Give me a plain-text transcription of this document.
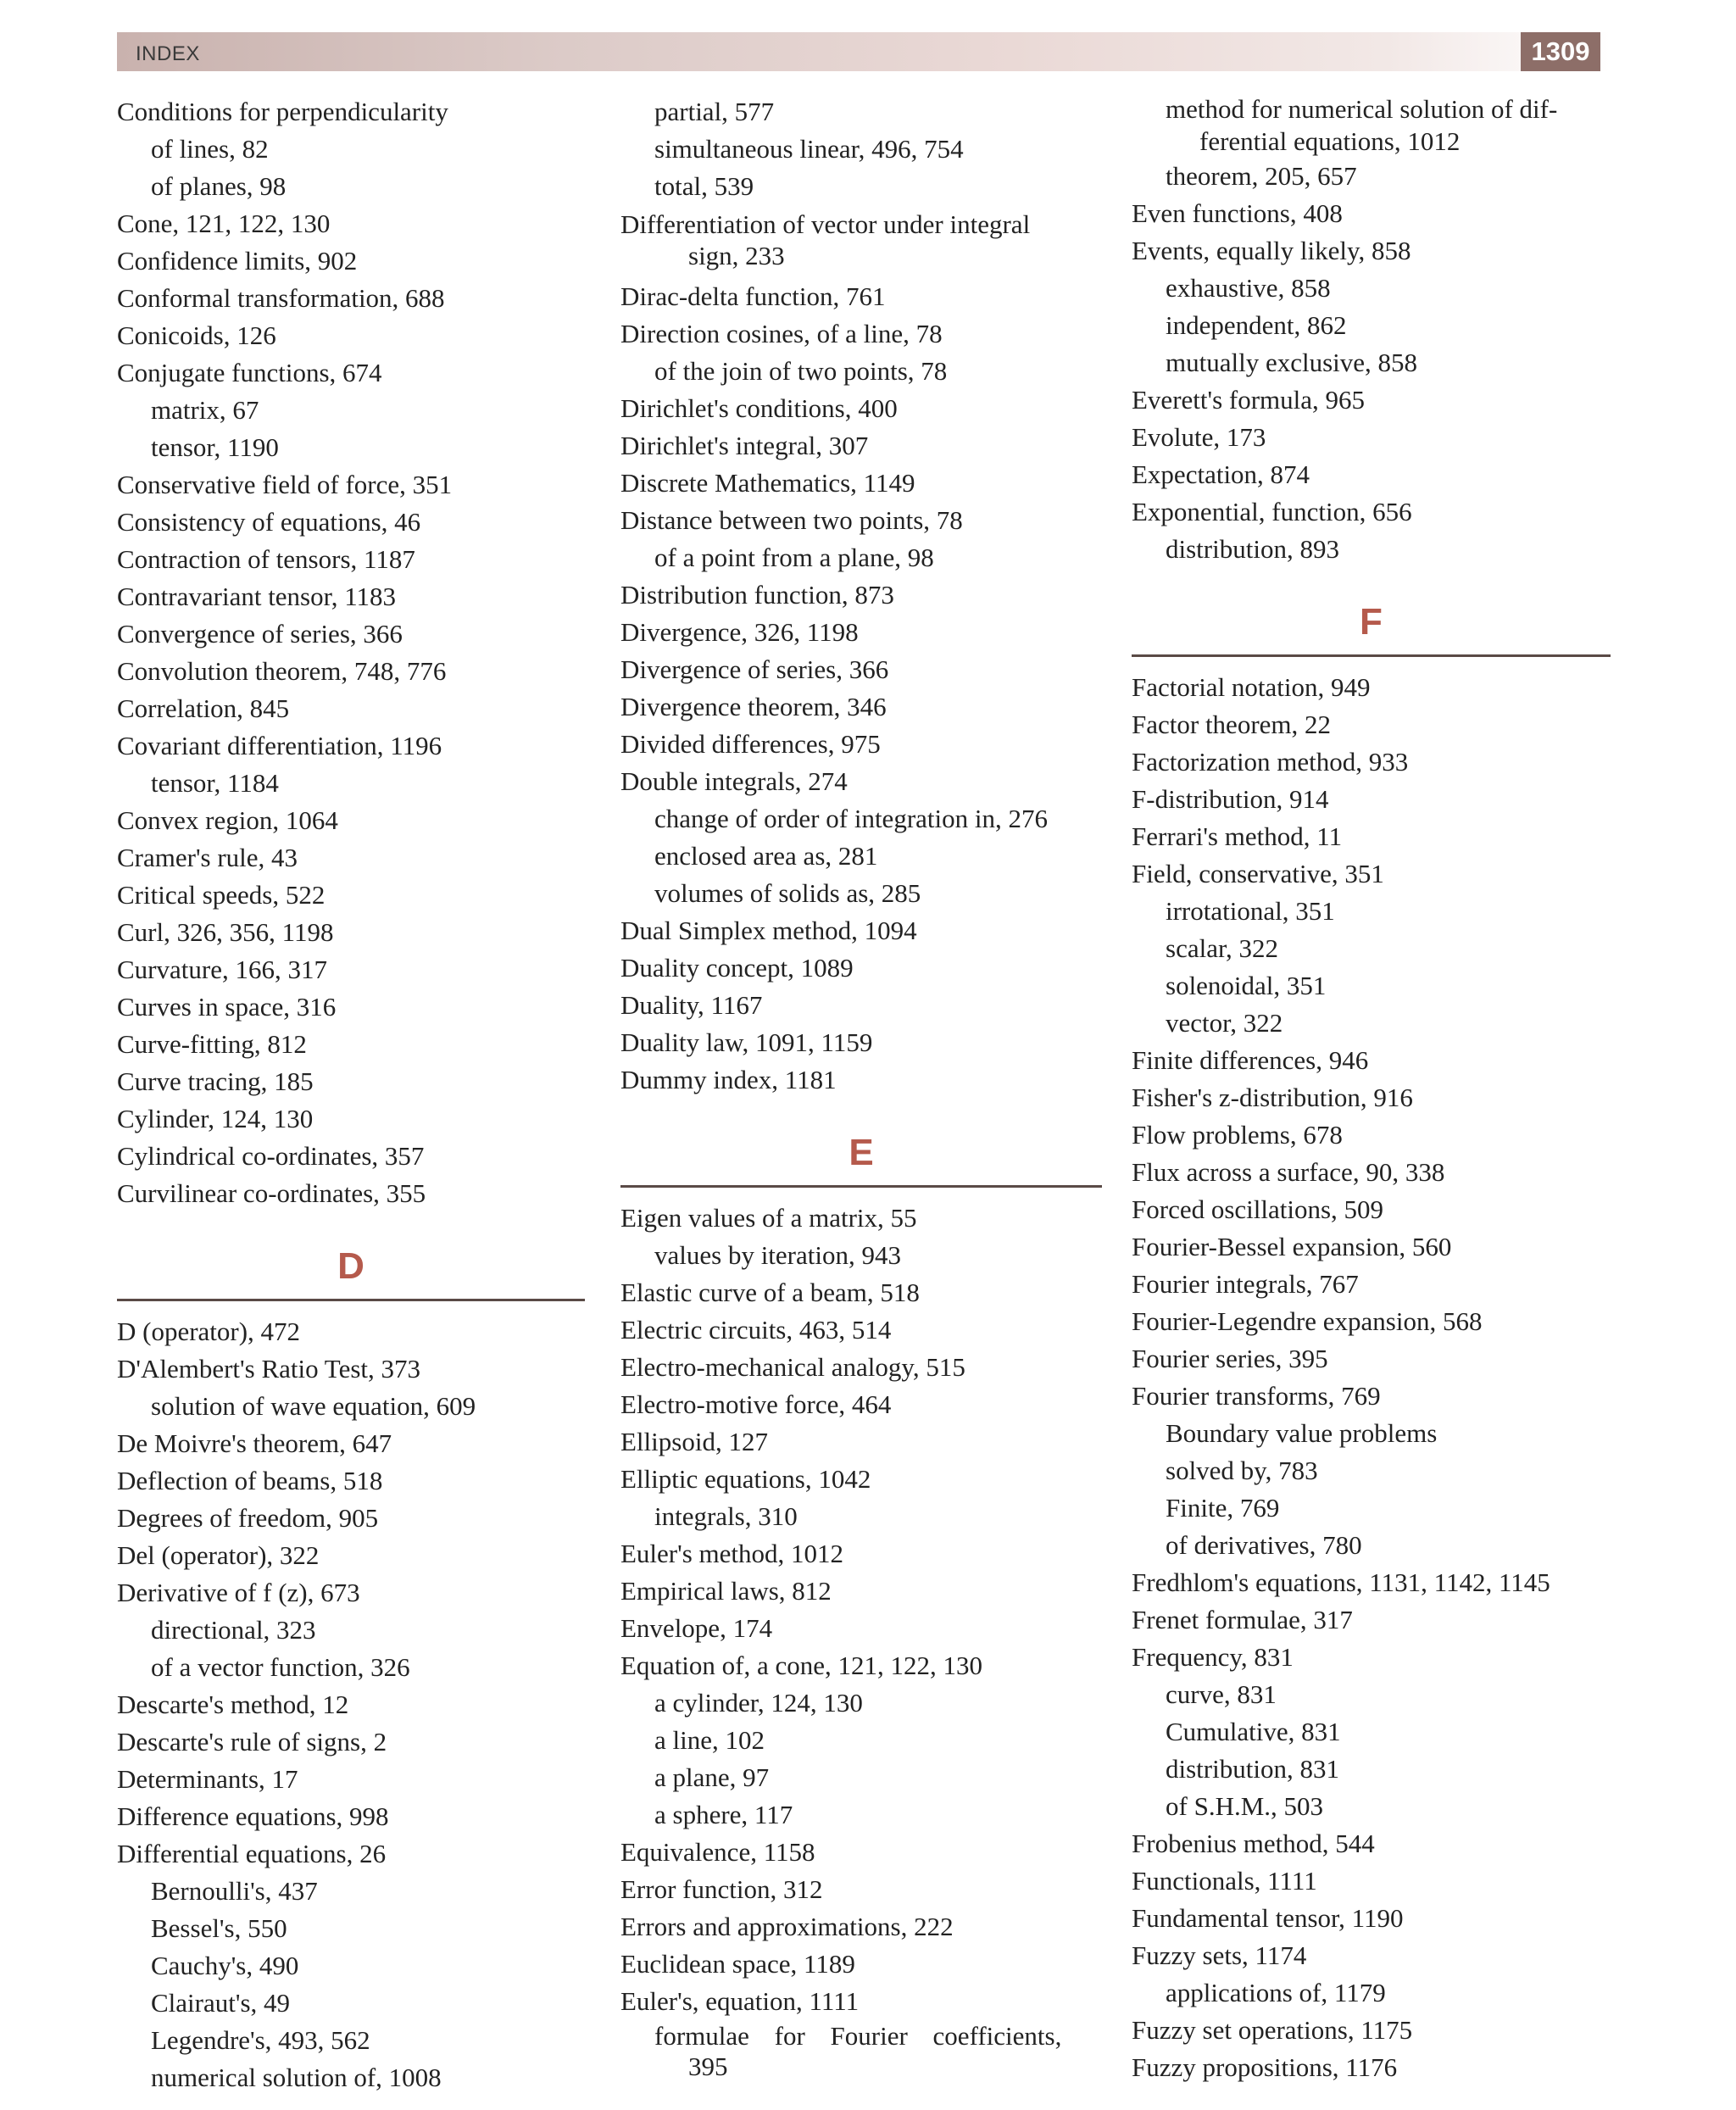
INDEX	1309
Conditions for perpendicularity
of lines, 82
of planes, 98
Cone, 121, 122, 130
Confidence limits, 902
Conformal transformation, 688
Conicoids, 126
Conjugate functions, 674
matrix, 67
tensor, 1190
Conservative field of force, 351
Consistency of equations, 46
Contraction of tensors, 1187
Contravariant tensor, 1183
Convergence of series, 366
Convolution theorem, 748, 776
Correlation, 845
Covariant differentiation, 1196
tensor, 1184
Convex region, 1064
Cramer's rule, 43
Critical speeds, 522
Curl, 326, 356, 1198
Curvature, 166, 317
Curves in space, 316
Curve-fitting, 812
Curve tracing, 185
Cylinder, 124, 130
Cylindrical co-ordinates, 357
Curvilinear co-ordinates, 355
D
D (operator), 472
D'Alembert's Ratio Test, 373
solution of wave equation, 609
De Moivre's theorem, 647
Deflection of beams, 518
Degrees of freedom, 905
Del (operator), 322
Derivative of f (z), 673
directional, 323
of a vector function, 326
Descarte's method, 12
Descarte's rule of signs, 2
Determinants, 17
Difference equations, 998
Differential equations, 26
Bernoulli's, 437
Bessel's, 550
Cauchy's, 490
Clairaut's, 49
Legendre's, 493, 562
numerical solution of, 1008
partial, 577
simultaneous linear, 496, 754
total, 539
Differentiation of vector under integral
sign, 233
Dirac-delta function, 761
Direction cosines, of a line, 78
of the join of two points, 78
Dirichlet's conditions, 400
Dirichlet's integral, 307
Discrete Mathematics, 1149
Distance between two points, 78
of a point from a plane, 98
Distribution function, 873
Divergence, 326, 1198
Divergence of series, 366
Divergence theorem, 346
Divided differences, 975
Double integrals, 274
change of order of integration in, 276
enclosed area as, 281
volumes of solids as, 285
Dual Simplex method, 1094
Duality concept, 1089
Duality, 1167
Duality law, 1091, 1159
Dummy index, 1181
E
Eigen values of a matrix, 55
values by iteration, 943
Elastic curve of a beam, 518
Electric circuits, 463, 514
Electro-mechanical analogy, 515
Electro-motive force, 464
Ellipsoid, 127
Elliptic equations, 1042
integrals, 310
Euler's method, 1012
Empirical laws, 812
Envelope, 174
Equation of, a cone, 121, 122, 130
a cylinder, 124, 130
a line, 102
a plane, 97
a sphere, 117
Equivalence, 1158
Error function, 312
Errors and approximations, 222
Euclidean space, 1189
Euler's, equation, 1111
formulae for Fourier coefficients,
395
method for numerical solution of dif-
ferential equations, 1012
theorem, 205, 657
Even functions, 408
Events, equally likely, 858
exhaustive, 858
independent, 862
mutually exclusive, 858
Everett's formula, 965
Evolute, 173
Expectation, 874
Exponential, function, 656
distribution, 893
F
Factorial notation, 949
Factor theorem, 22
Factorization method, 933
F-distribution, 914
Ferrari's method, 11
Field, conservative, 351
irrotational, 351
scalar, 322
solenoidal, 351
vector, 322
Finite differences, 946
Fisher's z-distribution, 916
Flow problems, 678
Flux across a surface, 90, 338
Forced oscillations, 509
Fourier-Bessel expansion, 560
Fourier integrals, 767
Fourier-Legendre expansion, 568
Fourier series, 395
Fourier transforms, 769
Boundary value problems
solved by, 783
Finite, 769
of derivatives, 780
Fredhlom's equations, 1131, 1142, 1145
Frenet formulae, 317
Frequency, 831
curve, 831
Cumulative, 831
distribution, 831
of S.H.M., 503
Frobenius method, 544
Functionals, 1111
Fundamental tensor, 1190
Fuzzy sets, 1174
applications of, 1179
Fuzzy set operations, 1175
Fuzzy propositions, 1176
